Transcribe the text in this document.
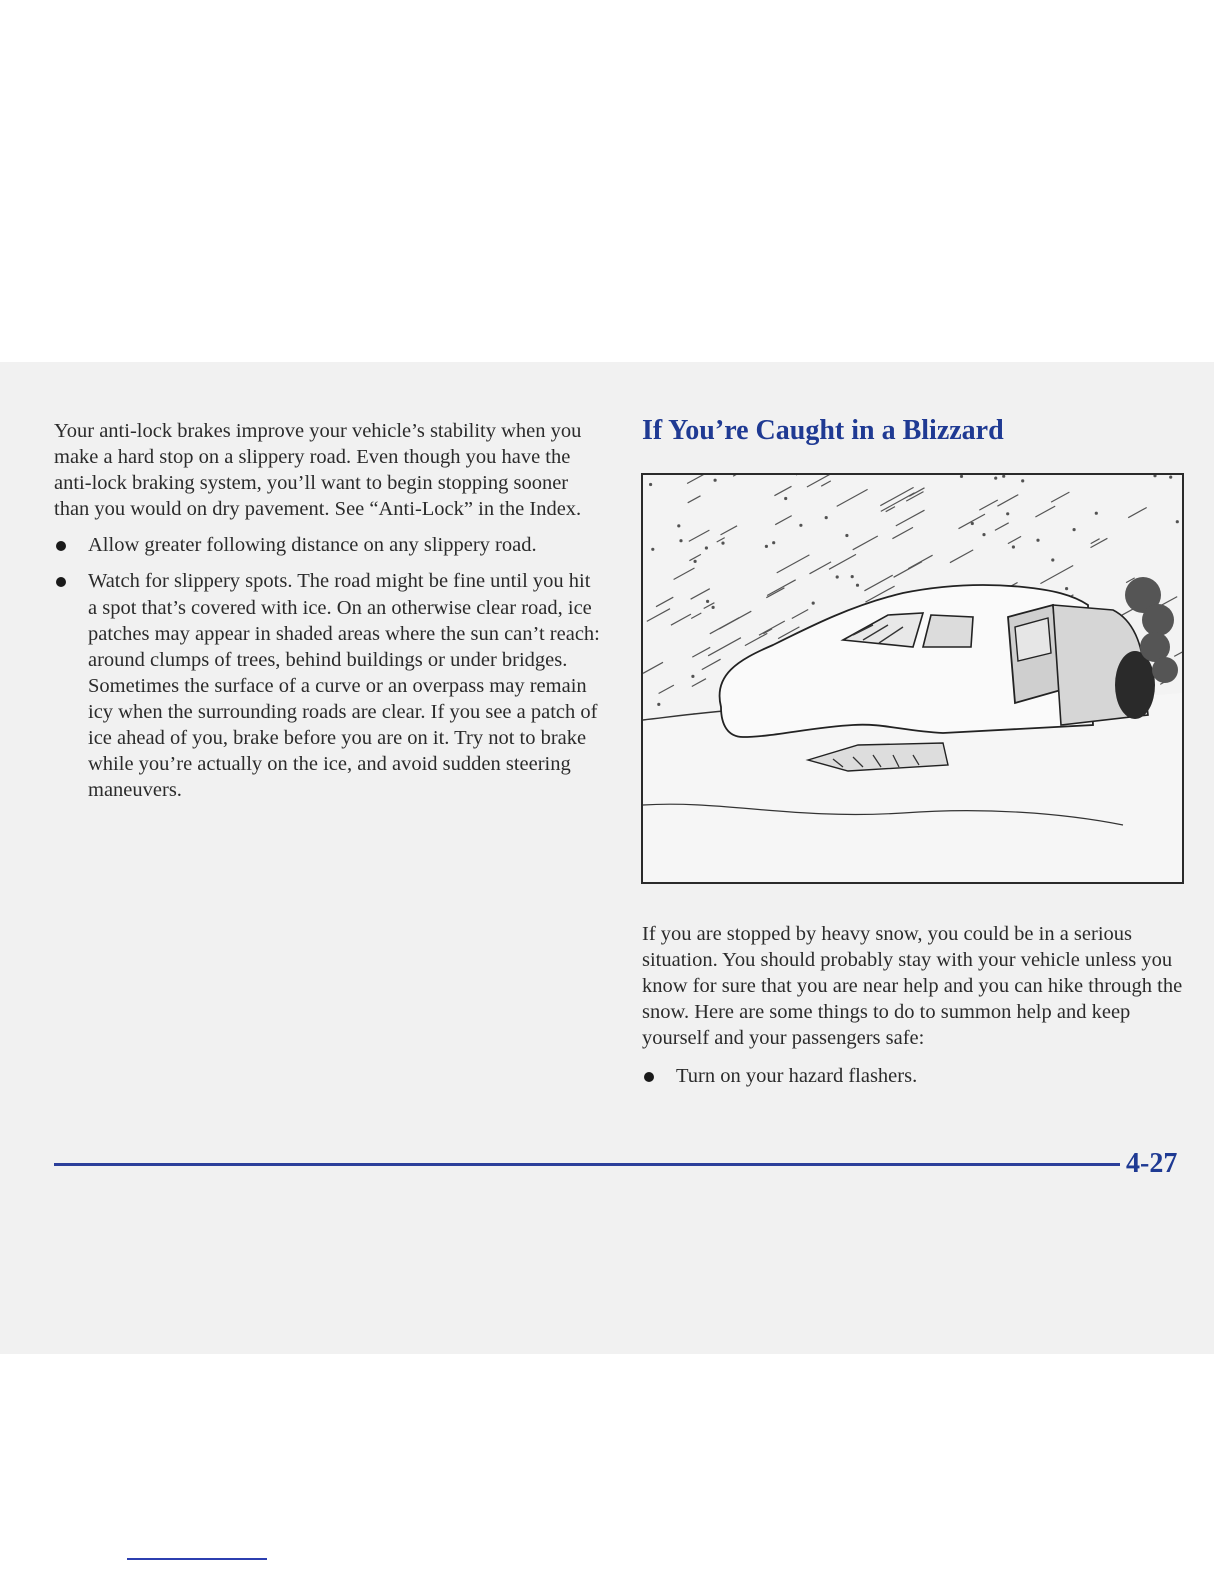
Your anti-lock brakes improve your vehicle’s stability when you make a hard stop on a slippery road. Even though you have the anti-lock braking system, you’ll want to begin stopping sooner than you would on dry pavement. See “Anti-Lock” in the Index.

Allow greater following distance on any slippery road.
Watch for slippery spots. The road might be fine until you hit a spot that’s covered with ice. On an otherwise clear road, ice patches may appear in shaded areas where the sun can’t reach: around clumps of trees, behind buildings or under bridges. Sometimes the surface of a curve or an overpass may remain icy when the surrounding roads are clear. If you see a patch of ice ahead of you, brake before you are on it. Try not to brake while you’re actually on the ice, and avoid sudden steering maneuvers.
If You’re Caught in a Blizzard

If you are stopped by heavy snow, you could be in a serious situation. You should probably stay with your vehicle unless you know for sure that you are near help and you can hike through the snow. Here are some things to do to summon help and keep yourself and your passengers safe:

Turn on your hazard flashers.
4-27
